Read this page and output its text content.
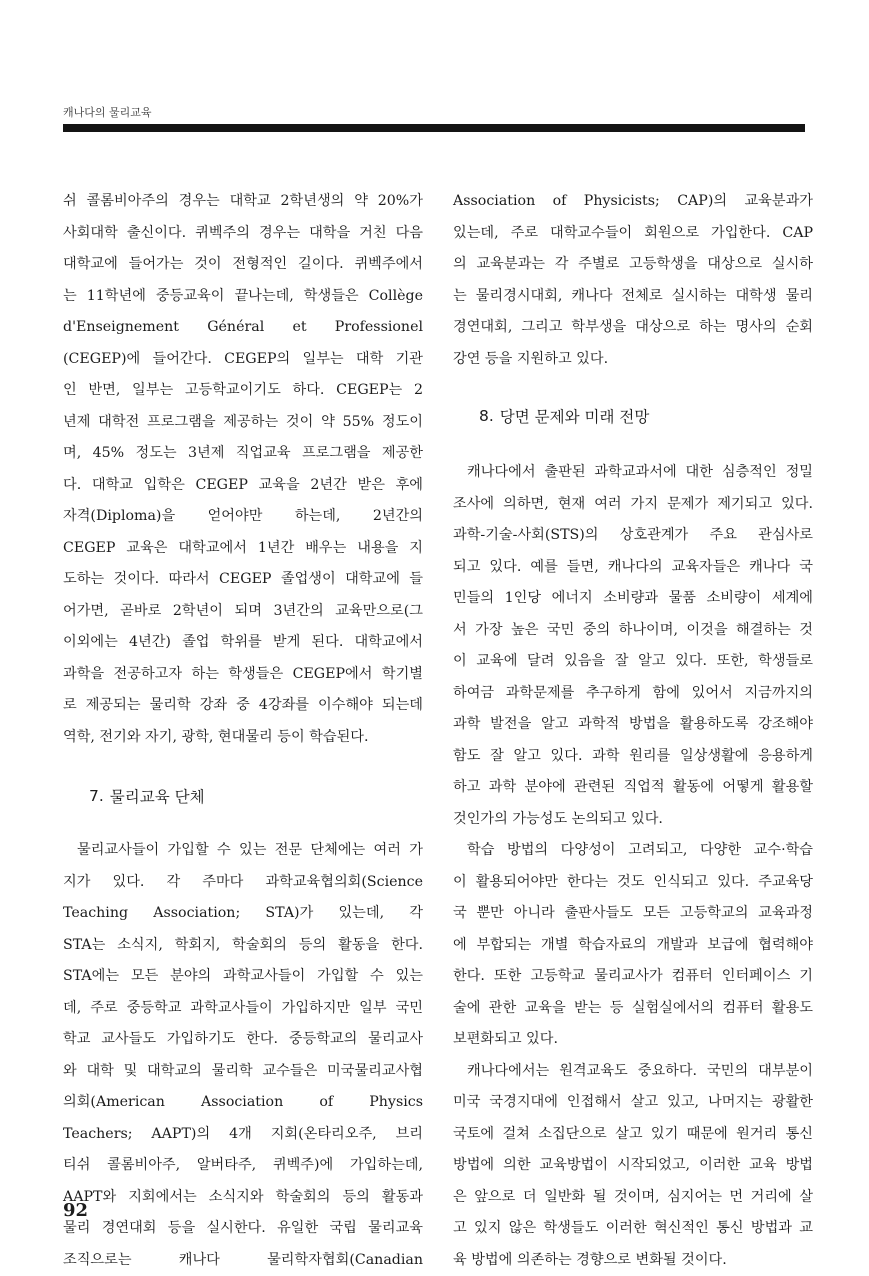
캐나다의 물리교육

쉬 콜롬비아주의 경우는 대학교 2학년생의 약 20%가
사회대학 출신이다. 퀴벡주의 경우는 대학을 거친 다음
대학교에 들어가는 것이 전형적인 길이다. 퀴벡주에서
는 11학년에 중등교육이 끝나는데, 학생들은 Collège
d'Enseignement Général et Professionel
(CEGEP)에 들어간다. CEGEP의 일부는 대학 기관
인 반면, 일부는 고등학교이기도 하다. CEGEP는 2
년제 대학전 프로그램을 제공하는 것이 약 55% 정도이
며, 45% 정도는 3년제 직업교육 프로그램을 제공한
다. 대학교 입학은 CEGEP 교육을 2년간 받은 후에
자격(Diploma)을 얻어야만 하는데, 2년간의
CEGEP 교육은 대학교에서 1년간 배우는 내용을 지
도하는 것이다. 따라서 CEGEP 졸업생이 대학교에 들
어가면, 곧바로 2학년이 되며 3년간의 교육만으로(그
이외에는 4년간) 졸업 학위를 받게 된다. 대학교에서
과학을 전공하고자 하는 학생들은 CEGEP에서 학기별
로 제공되는 물리학 강좌 중 4강좌를 이수해야 되는데
역학, 전기와 자기, 광학, 현대물리 등이 학습된다.

7. 물리교육 단체

물리교사들이 가입할 수 있는 전문 단체에는 여러 가
지가 있다. 각 주마다 과학교육협의회(Science
Teaching Association; STA)가 있는데, 각
STA는 소식지, 학회지, 학술회의 등의 활동을 한다.
STA에는 모든 분야의 과학교사들이 가입할 수 있는
데, 주로 중등학교 과학교사들이 가입하지만 일부 국민
학교 교사들도 가입하기도 한다. 중등학교의 물리교사
와 대학 및 대학교의 물리학 교수들은 미국물리교사협
의회(American Association of Physics
Teachers; AAPT)의 4개 지회(온타리오주, 브리
티쉬 콜롬비아주, 알버타주, 퀴벡주)에 가입하는데,
AAPT와 지회에서는 소식지와 학술회의 등의 활동과
물리 경연대회 등을 실시한다. 유일한 국립 물리교육
조직으로는 캐나다 물리학자협회(Canadian

Association of Physicists; CAP)의 교육분과가
있는데, 주로 대학교수들이 회원으로 가입한다. CAP
의 교육분과는 각 주별로 고등학생을 대상으로 실시하
는 물리경시대회, 캐나다 전체로 실시하는 대학생 물리
경연대회, 그리고 학부생을 대상으로 하는 명사의 순회
강연 등을 지원하고 있다.

8. 당면 문제와 미래 전망

캐나다에서 출판된 과학교과서에 대한 심층적인 정밀
조사에 의하면, 현재 여러 가지 문제가 제기되고 있다.
과학-기술-사회(STS)의 상호관계가 주요 관심사로
되고 있다. 예를 들면, 캐나다의 교육자들은 캐나다 국
민들의 1인당 에너지 소비량과 물품 소비량이 세계에
서 가장 높은 국민 중의 하나이며, 이것을 해결하는 것
이 교육에 달려 있음을 잘 알고 있다. 또한, 학생들로
하여금 과학문제를 추구하게 함에 있어서 지금까지의
과학 발전을 알고 과학적 방법을 활용하도록 강조해야
함도 잘 알고 있다. 과학 원리를 일상생활에 응용하게
하고 과학 분야에 관련된 직업적 활동에 어떻게 활용할
것인가의 가능성도 논의되고 있다.

학습 방법의 다양성이 고려되고, 다양한 교수·학습
이 활용되어야만 한다는 것도 인식되고 있다. 주교육당
국 뿐만 아니라 출판사들도 모든 고등학교의 교육과정
에 부합되는 개별 학습자료의 개발과 보급에 협력해야
한다. 또한 고등학교 물리교사가 컴퓨터 인터페이스 기
술에 관한 교육을 받는 등 실험실에서의 컴퓨터 활용도
보편화되고 있다.

캐나다에서는 원격교육도 중요하다. 국민의 대부분이
미국 국경지대에 인접해서 살고 있고, 나머지는 광활한
국토에 걸쳐 소집단으로 살고 있기 때문에 원거리 통신
방법에 의한 교육방법이 시작되었고, 이러한 교육 방법
은 앞으로 더 일반화 될 것이며, 심지어는 먼 거리에 살
고 있지 않은 학생들도 이러한 혁신적인 통신 방법과 교
육 방법에 의존하는 경향으로 변화될 것이다.

92
